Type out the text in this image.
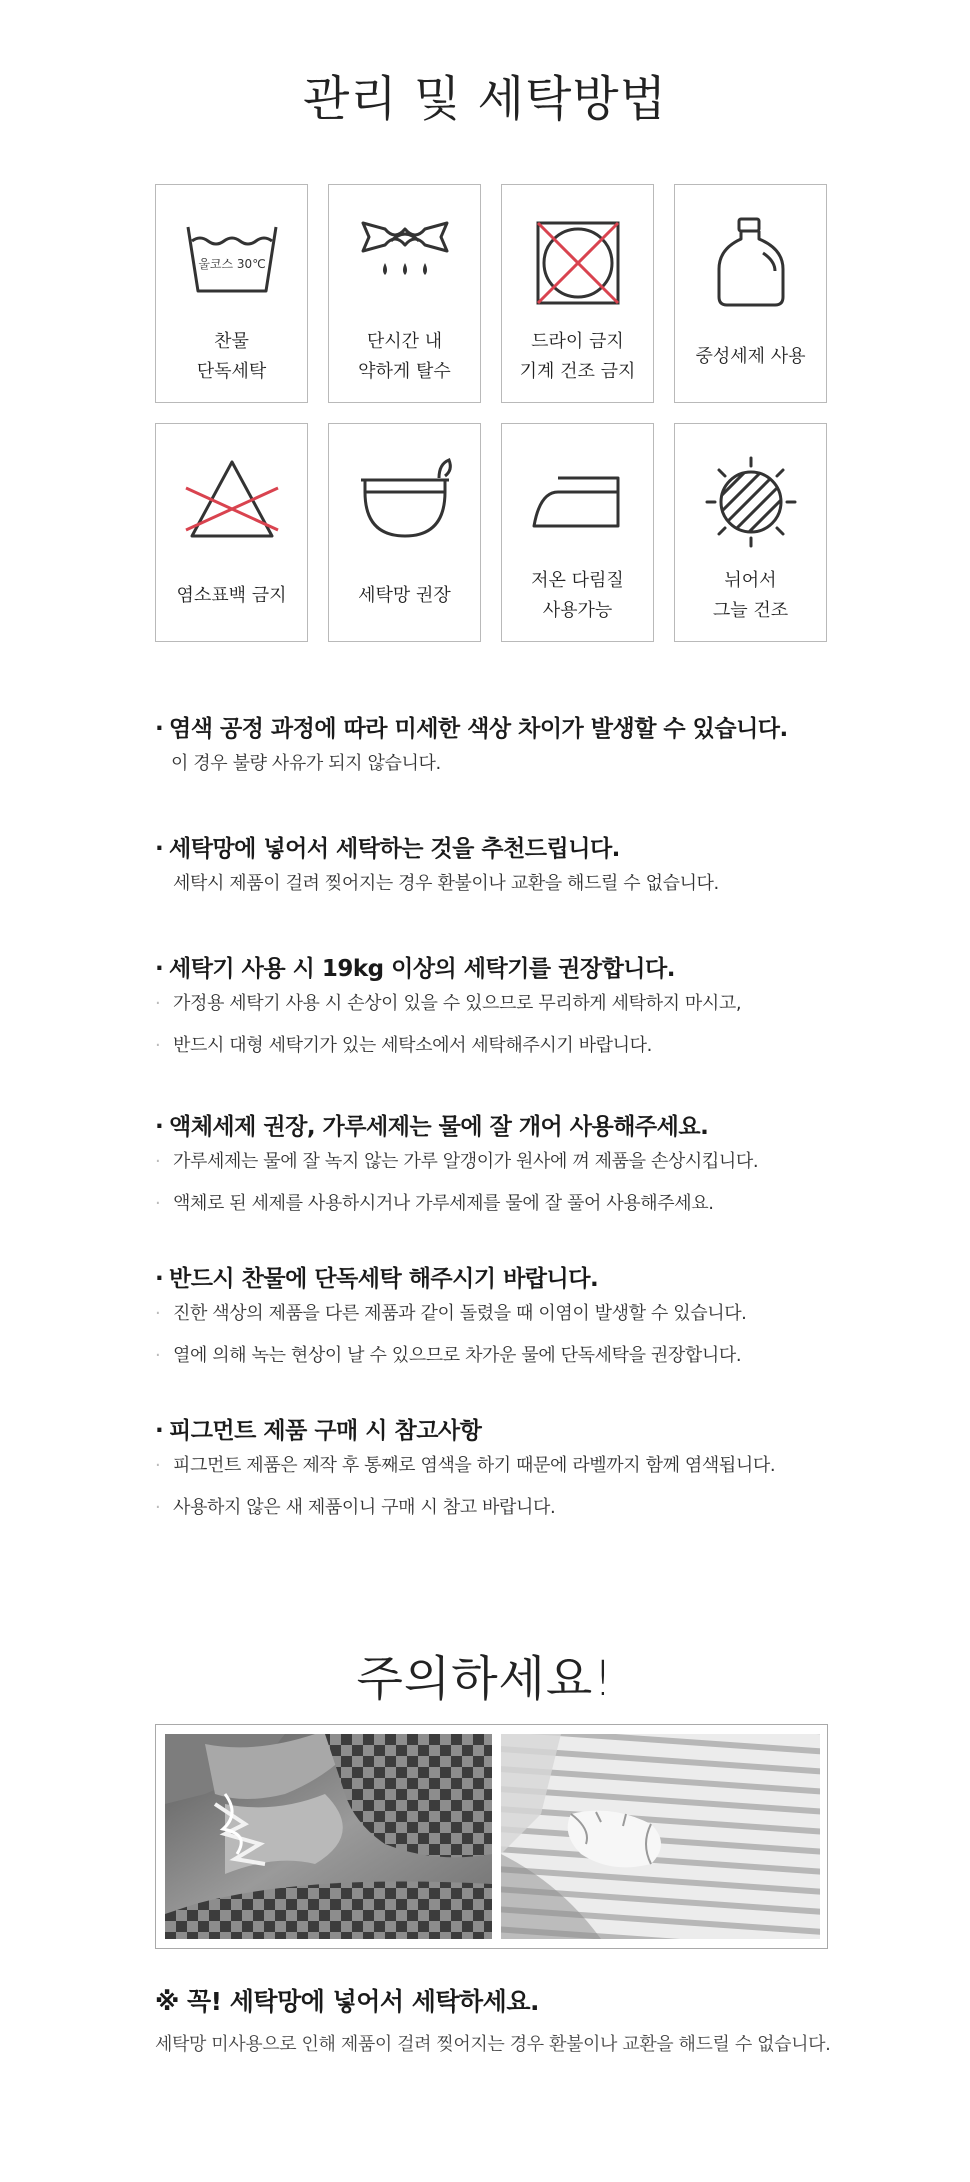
관리 및 세탁방법
울코스 30℃
찬물
단독세탁
단시간 내
약하게 탈수
드라이 금지
기계 건조 금지
중성세제 사용
염소표백 금지	세탁망 권장
저온 다림질
사용가능
뉘어서
그늘 건조
· 염색 공정 과정에 따라 미세한 색상 차이가 발생할 수 있습니다.
이 경우 불량 사유가 되지 않습니다.
· 세탁망에 넣어서 세탁하는 것을 추천드립니다.
세탁시 제품이 걸려 찢어지는 경우 환불이나 교환을 해드릴 수 없습니다.
· 세탁기 사용 시 19kg 이상의 세탁기를 권장합니다.
· 가정용 세탁기 사용 시 손상이 있을 수 있으므로 무리하게 세탁하지 마시고,
· 반드시 대형 세탁기가 있는 세탁소에서 세탁해주시기 바랍니다.
· 액체세제 권장, 가루세제는 물에 잘 개어 사용해주세요.
· 가루세제는 물에 잘 녹지 않는 가루 알갱이가 원사에 껴 제품을 손상시킵니다.
· 액체로 된 세제를 사용하시거나 가루세제를 물에 잘 풀어 사용해주세요.
· 반드시 찬물에 단독세탁 해주시기 바랍니다.
· 진한 색상의 제품을 다른 제품과 같이 돌렸을 때 이염이 발생할 수 있습니다.
· 열에 의해 녹는 현상이 날 수 있으므로 차가운 물에 단독세탁을 권장합니다.
· 피그먼트 제품 구매 시 참고사항
· 피그먼트 제품은 제작 후 통째로 염색을 하기 때문에 라벨까지 함께 염색됩니다.
· 사용하지 않은 새 제품이니 구매 시 참고 바랍니다.
주의하세요!
※ 꼭! 세탁망에 넣어서 세탁하세요.
세탁망 미사용으로 인해 제품이 걸려 찢어지는 경우 환불이나 교환을 해드릴 수 없습니다.
